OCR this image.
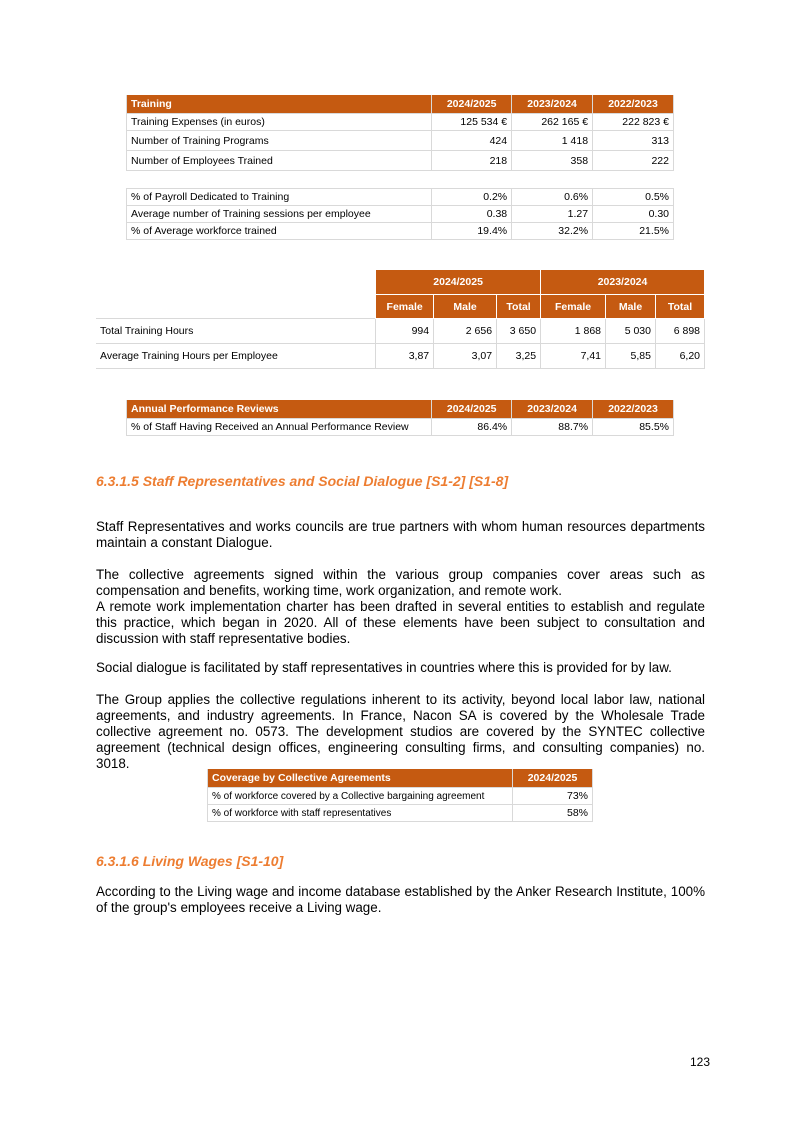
Training	2024/2025	2023/2024	2022/2023
Training Expenses (in euros)	125 534 €	262 165 €	222 823 €
Number of Training Programs	424	1 418	313
Number of Employees Trained	218	358	222

% of Payroll Dedicated to Training	0.2%	0.6%	0.5%
Average number of Training sessions per employee	0.38	1.27	0.30
% of Average workforce trained	19.4%	32.2%	21.5%
	2024/2025			2023/2024		
	Female	Male	Total	Female	Male	Total
Total Training Hours	994	2 656	3 650	1 868	5 030	6 898
Average Training Hours per Employee	3,87	3,07	3,25	7,41	5,85	6,20
Annual Performance Reviews	2024/2025	2023/2024	2022/2023
% of Staff Having Received an Annual Performance Review	86.4%	88.7%	85.5%
6.3.1.5 Staff Representatives and Social Dialogue [S1-2] [S1-8]

Staff Representatives and works councils are true partners with whom human resources departments maintain a constant Dialogue.

The collective agreements signed within the various group companies cover areas such as compensation and benefits, working time, work organization, and remote work.

A remote work implementation charter has been drafted in several entities to establish and regulate this practice, which began in 2020. All of these elements have been subject to consultation and discussion with staff representative bodies.

Social dialogue is facilitated by staff representatives in countries where this is provided for by law.

The Group applies the collective regulations inherent to its activity, beyond local labor law, national agreements, and industry agreements. In France, Nacon SA is covered by the Wholesale Trade collective agreement no. 0573. The development studios are covered by the SYNTEC collective agreement (technical design offices, engineering consulting firms, and consulting companies) no. 3018.

Coverage by Collective Agreements	2024/2025
% of workforce covered by a Collective bargaining agreement	73%
% of workforce with staff representatives	58%
6.3.1.6 Living Wages [S1-10]

According to the Living wage and income database established by the Anker Research Institute, 100% of the group's employees receive a Living wage.

123
